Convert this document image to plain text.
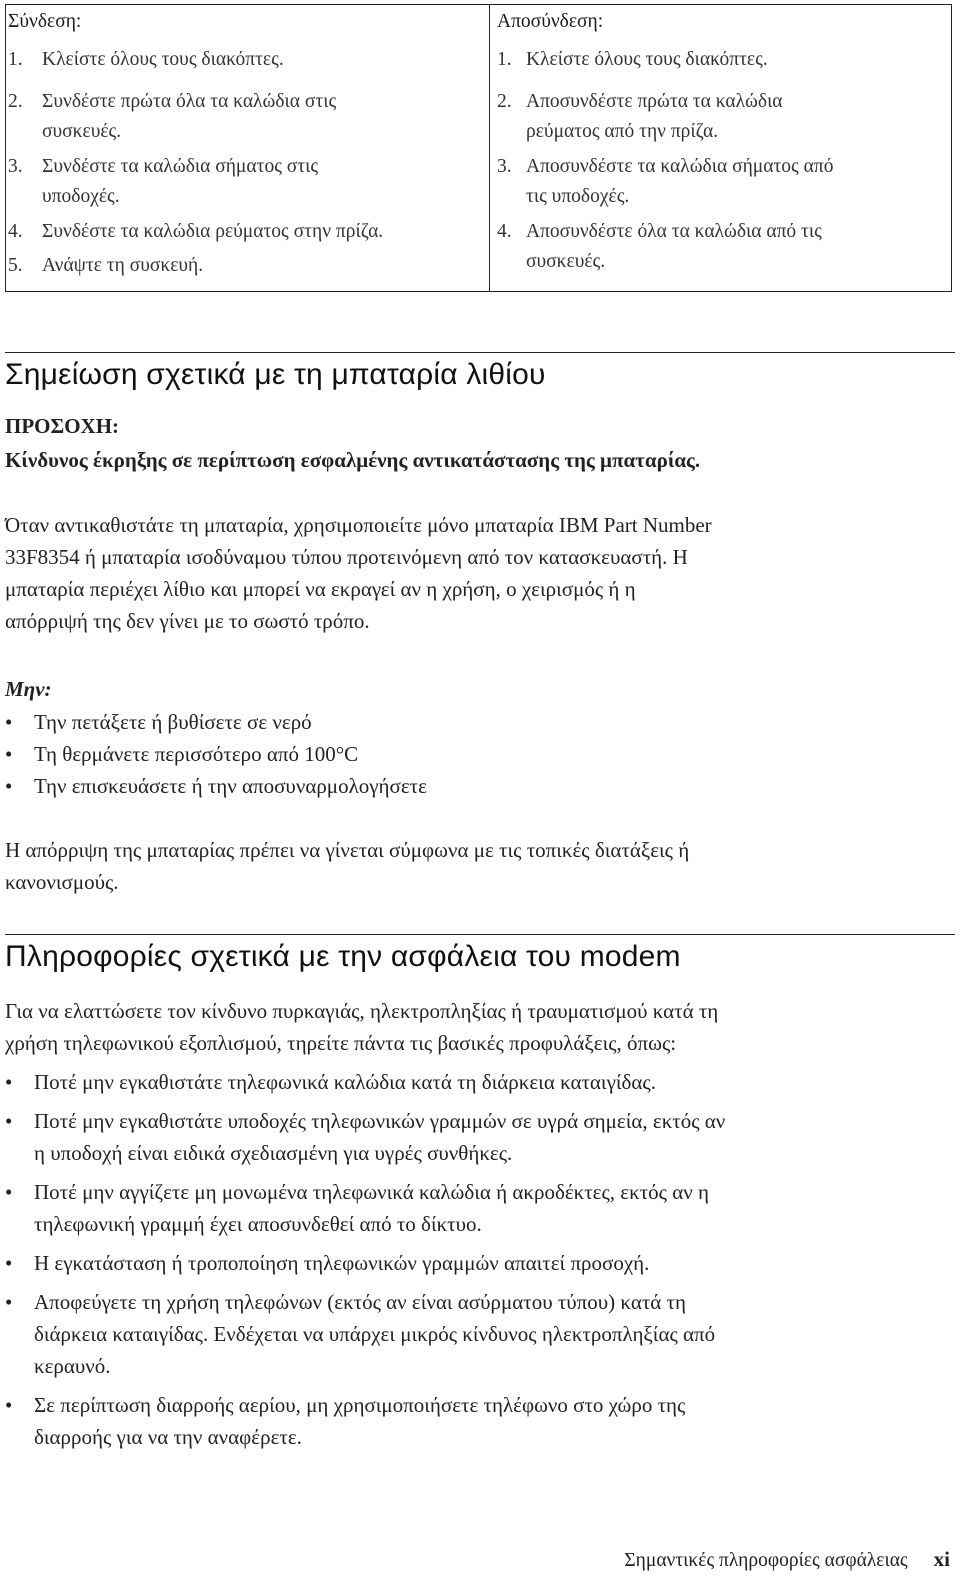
Σύνδεση:
1. Κλείστε όλους τους διακόπτες.
2. Συνδέστε πρώτα όλα τα καλώδια στις
συσκευές.
3. Συνδέστε τα καλώδια σήματος στις
υποδοχές.
4. Συνδέστε τα καλώδια ρεύματος στην πρίζα.
5. Ανάψτε τη συσκευή.
Αποσύνδεση:
1. Κλείστε όλους τους διακόπτες.
2. Αποσυνδέστε πρώτα τα καλώδια
ρεύματος από την πρίζα.
3. Αποσυνδέστε τα καλώδια σήματος από
τις υποδοχές.
4. Αποσυνδέστε όλα τα καλώδια από τις
συσκευές.
Σημείωση σχετικά με τη μπαταρία λιθίου

ΠΡΟΣΟΧΗ:

Κίνδυνος έκρηξης σε περίπτωση εσφαλμένης αντικατάστασης της μπαταρίας.

Όταν αντικαθιστάτε τη μπαταρία, χρησιμοποιείτε μόνο μπαταρία IBM Part Number
33F8354 ή μπαταρία ισοδύναμου τύπου προτεινόμενη από τον κατασκευαστή. Η
μπαταρία περιέχει λίθιο και μπορεί να εκραγεί αν η χρήση, ο χειρισμός ή η
απόρριψή της δεν γίνει με το σωστό τρόπο.

Μην:

• Την πετάξετε ή βυθίσετε σε νερό
• Τη θερμάνετε περισσότερο από 100°C
• Την επισκευάσετε ή την αποσυναρμολογήσετε
Η απόρριψη της μπαταρίας πρέπει να γίνεται σύμφωνα με τις τοπικές διατάξεις ή
κανονισμούς.
Πληροφορίες σχετικά με την ασφάλεια του modem
Για να ελαττώσετε τον κίνδυνο πυρκαγιάς, ηλεκτροπληξίας ή τραυματισμού κατά τη
χρήση τηλεφωνικού εξοπλισμού, τηρείτε πάντα τις βασικές προφυλάξεις, όπως:
• Ποτέ μην εγκαθιστάτε τηλεφωνικά καλώδια κατά τη διάρκεια καταιγίδας.
• Ποτέ μην εγκαθιστάτε υποδοχές τηλεφωνικών γραμμών σε υγρά σημεία, εκτός αν
η υποδοχή είναι ειδικά σχεδιασμένη για υγρές συνθήκες.
• Ποτέ μην αγγίζετε μη μονωμένα τηλεφωνικά καλώδια ή ακροδέκτες, εκτός αν η
τηλεφωνική γραμμή έχει αποσυνδεθεί από το δίκτυο.
• Η εγκατάσταση ή τροποποίηση τηλεφωνικών γραμμών απαιτεί προσοχή.
• Αποφεύγετε τη χρήση τηλεφώνων (εκτός αν είναι ασύρματου τύπου) κατά τη
διάρκεια καταιγίδας. Ενδέχεται να υπάρχει μικρός κίνδυνος ηλεκτροπληξίας από
κεραυνό.
• Σε περίπτωση διαρροής αερίου, μη χρησιμοποιήσετε τηλέφωνο στο χώρο της
διαρροής για να την αναφέρετε.
Σημαντικές πληροφορίες ασφάλειας xi
